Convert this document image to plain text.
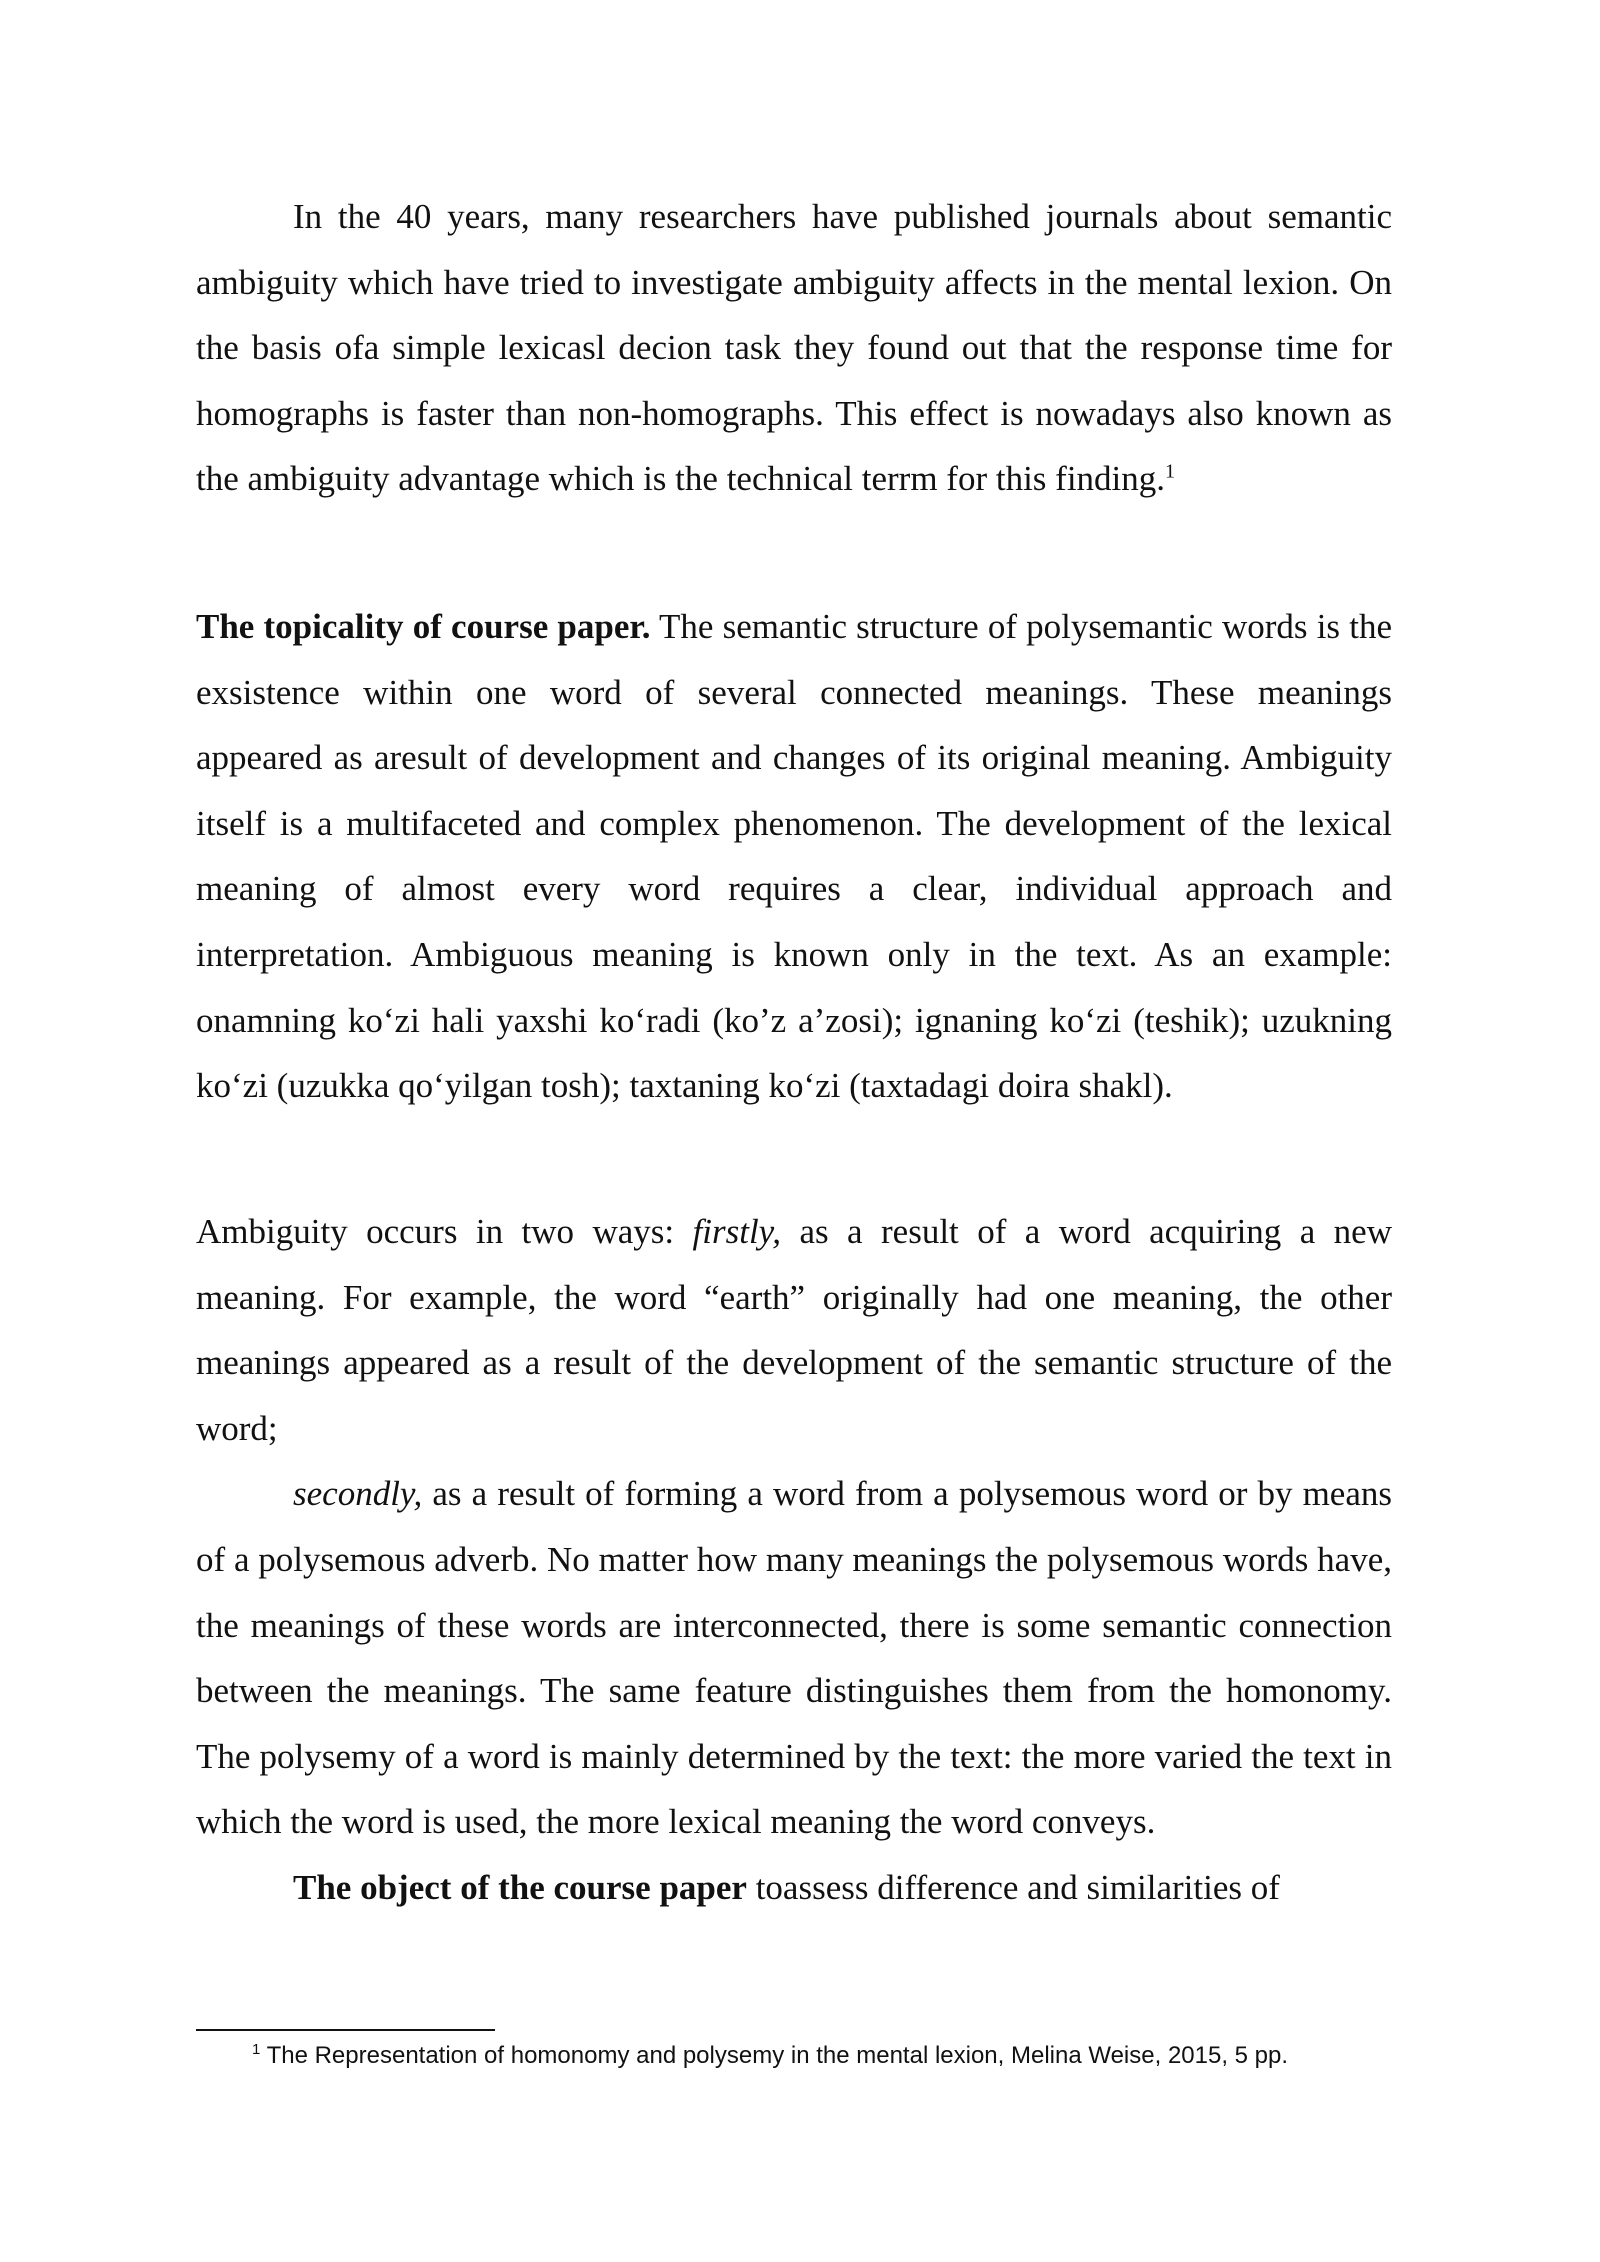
In the 40 years, many researchers have published journals about semantic ambiguity which have tried to investigate ambiguity affects in the mental lexion. On the basis ofa simple lexicasl decion task they found out that the response time for homographs is faster than non-homographs. This effect is nowadays also known as the ambiguity advantage which is the technical terrm for this finding.$^1$

The topicality of course paper. The semantic structure of polysemantic words is the exsistence within one word of several connected meanings. These meanings appeared as aresult of development and changes of its original meaning. Ambiguity itself is a multifaceted and complex phenomenon. The development of the lexical meaning of almost every word requires a clear, individual approach and interpretation. Ambiguous meaning is known only in the text. As an example: onamning ko‘zi hali yaxshi ko‘radi (ko’z a’zosi); ignaning ko‘zi (teshik); uzukning ko‘zi (uzukka qo‘yilgan tosh); taxtaning ko‘zi (taxtadagi doira shakl).

Ambiguity occurs in two ways: firstly, as a result of a word acquiring a new meaning. For example, the word “earth” originally had one meaning, the other meanings appeared as a result of the development of the semantic structure of the word;

secondly, as a result of forming a word from a polysemous word or by means of a polysemous adverb. No matter how many meanings the polysemous words have, the meanings of these words are interconnected, there is some semantic connection between the meanings. The same feature distinguishes them from the homonomy. The polysemy of a word is mainly determined by the text: the more varied the text in which the word is used, the more lexical meaning the word conveys.

The object of the course paper toassess difference and similarities of

$^1$ The Representation of homonomy and polysemy in the mental lexion, Melina Weise, 2015, 5 pp.
